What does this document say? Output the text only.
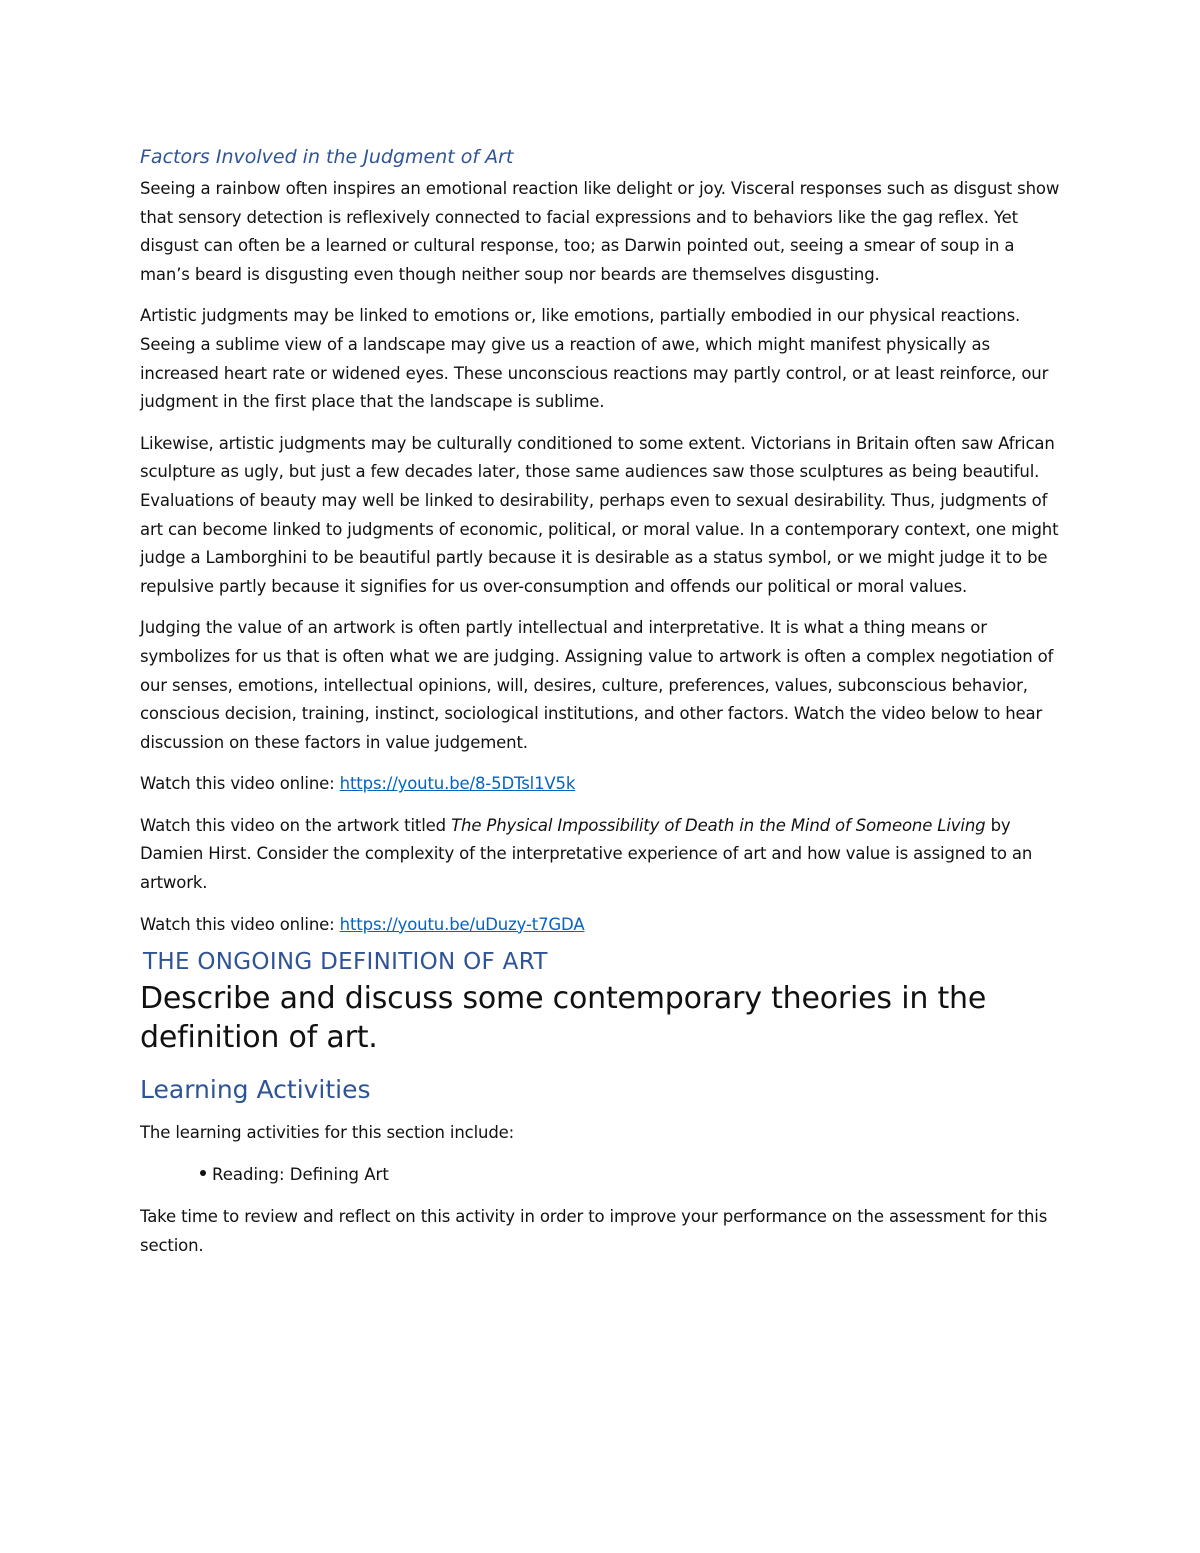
Factors Involved in the Judgment of Art

Seeing a rainbow often inspires an emotional reaction like delight or joy. Visceral responses such as disgust show that sensory detection is reflexively connected to facial expressions and to behaviors like the gag reflex. Yet disgust can often be a learned or cultural response, too; as Darwin pointed out, seeing a smear of soup in a man’s beard is disgusting even though neither soup nor beards are themselves disgusting.

Artistic judgments may be linked to emotions or, like emotions, partially embodied in our physical reactions.

Seeing a sublime view of a landscape may give us a reaction of awe, which might manifest physically as increased heart rate or widened eyes. These unconscious reactions may partly control, or at least reinforce, our judgment in the first place that the landscape is sublime.

Likewise, artistic judgments may be culturally conditioned to some extent. Victorians in Britain often saw African sculpture as ugly, but just a few decades later, those same audiences saw those sculptures as being beautiful. Evaluations of beauty may well be linked to desirability, perhaps even to sexual desirability. Thus, judgments of art can become linked to judgments of economic, political, or moral value. In a contemporary context, one might judge a Lamborghini to be beautiful partly because it is desirable as a status symbol, or we might judge it to be repulsive partly because it signifies for us over-consumption and offends our political or moral values.

Judging the value of an artwork is often partly intellectual and interpretative. It is what a thing means or symbolizes for us that is often what we are judging. Assigning value to artwork is often a complex negotiation of our senses, emotions, intellectual opinions, will, desires, culture, preferences, values, subconscious behavior, conscious decision, training, instinct, sociological institutions, and other factors. Watch the video below to hear discussion on these factors in value judgement.

Watch this video online: https://youtu.be/8-5DTsl1V5k

Watch this video on the artwork titled The Physical Impossibility of Death in the Mind of Someone Living by Damien Hirst. Consider the complexity of the interpretative experience of art and how value is assigned to an artwork.

Watch this video online: https://youtu.be/uDuzy-t7GDA

THE ONGOING DEFINITION OF ART
Describe and discuss some contemporary theories in the definition of art.
Learning Activities

The learning activities for this section include:

Reading: Defining Art

Take time to review and reflect on this activity in order to improve your performance on the assessment for this section.
